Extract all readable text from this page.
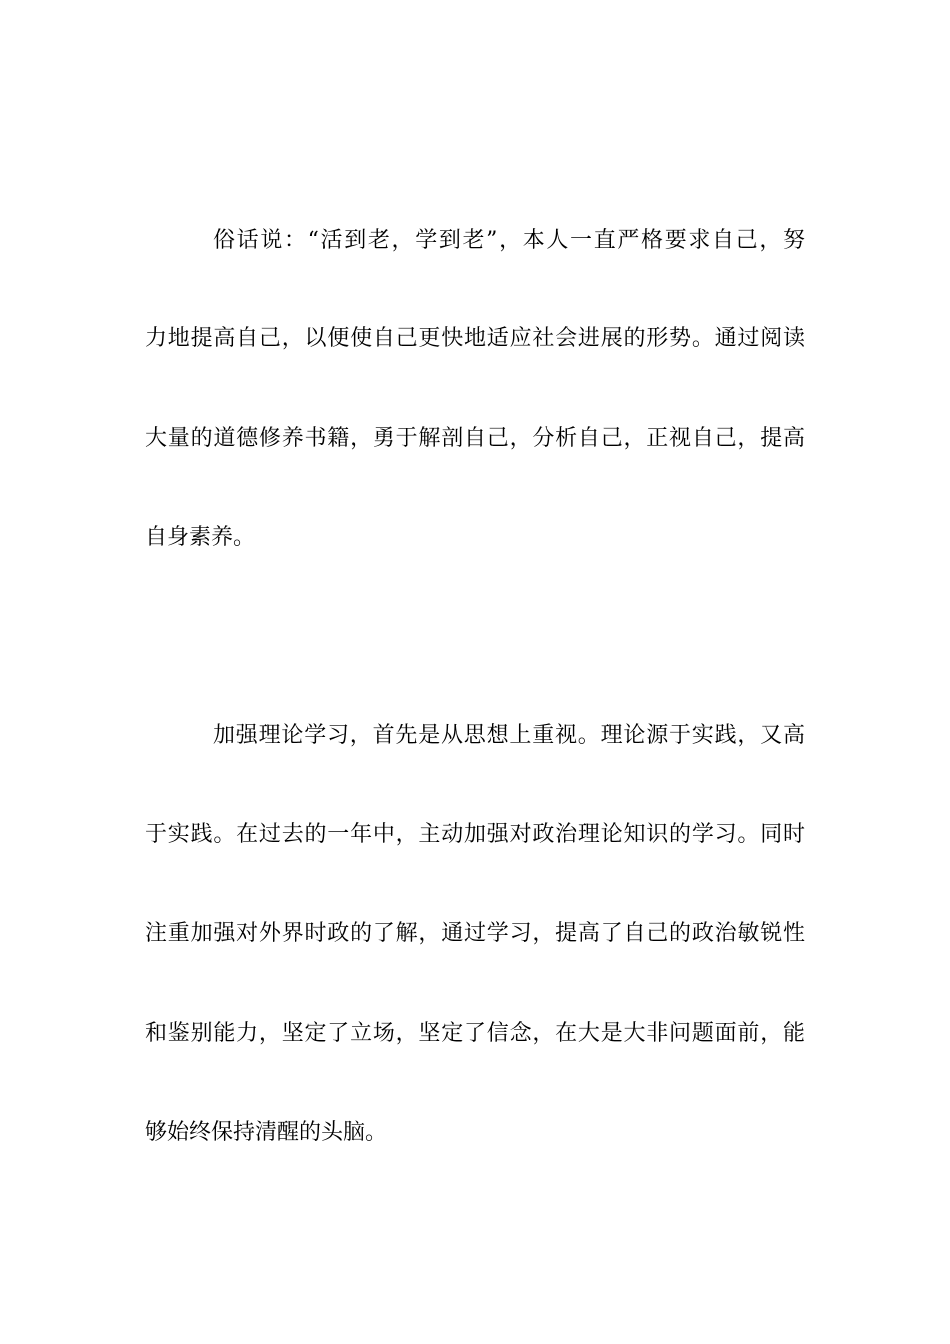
俗话说：“活到老，学到老”，本人一直严格要求自己，努
力地提高自己，以便使自己更快地适应社会进展的形势。通过阅读
大量的道德修养书籍，勇于解剖自己，分析自己，正视自己，提高
自身素养。
加强理论学习，首先是从思想上重视。理论源于实践，又高
于实践。在过去的一年中，主动加强对政治理论知识的学习。同时
注重加强对外界时政的了解，通过学习，提高了自己的政治敏锐性
和鉴别能力，坚定了立场，坚定了信念，在大是大非问题面前，能
够始终保持清醒的头脑。
